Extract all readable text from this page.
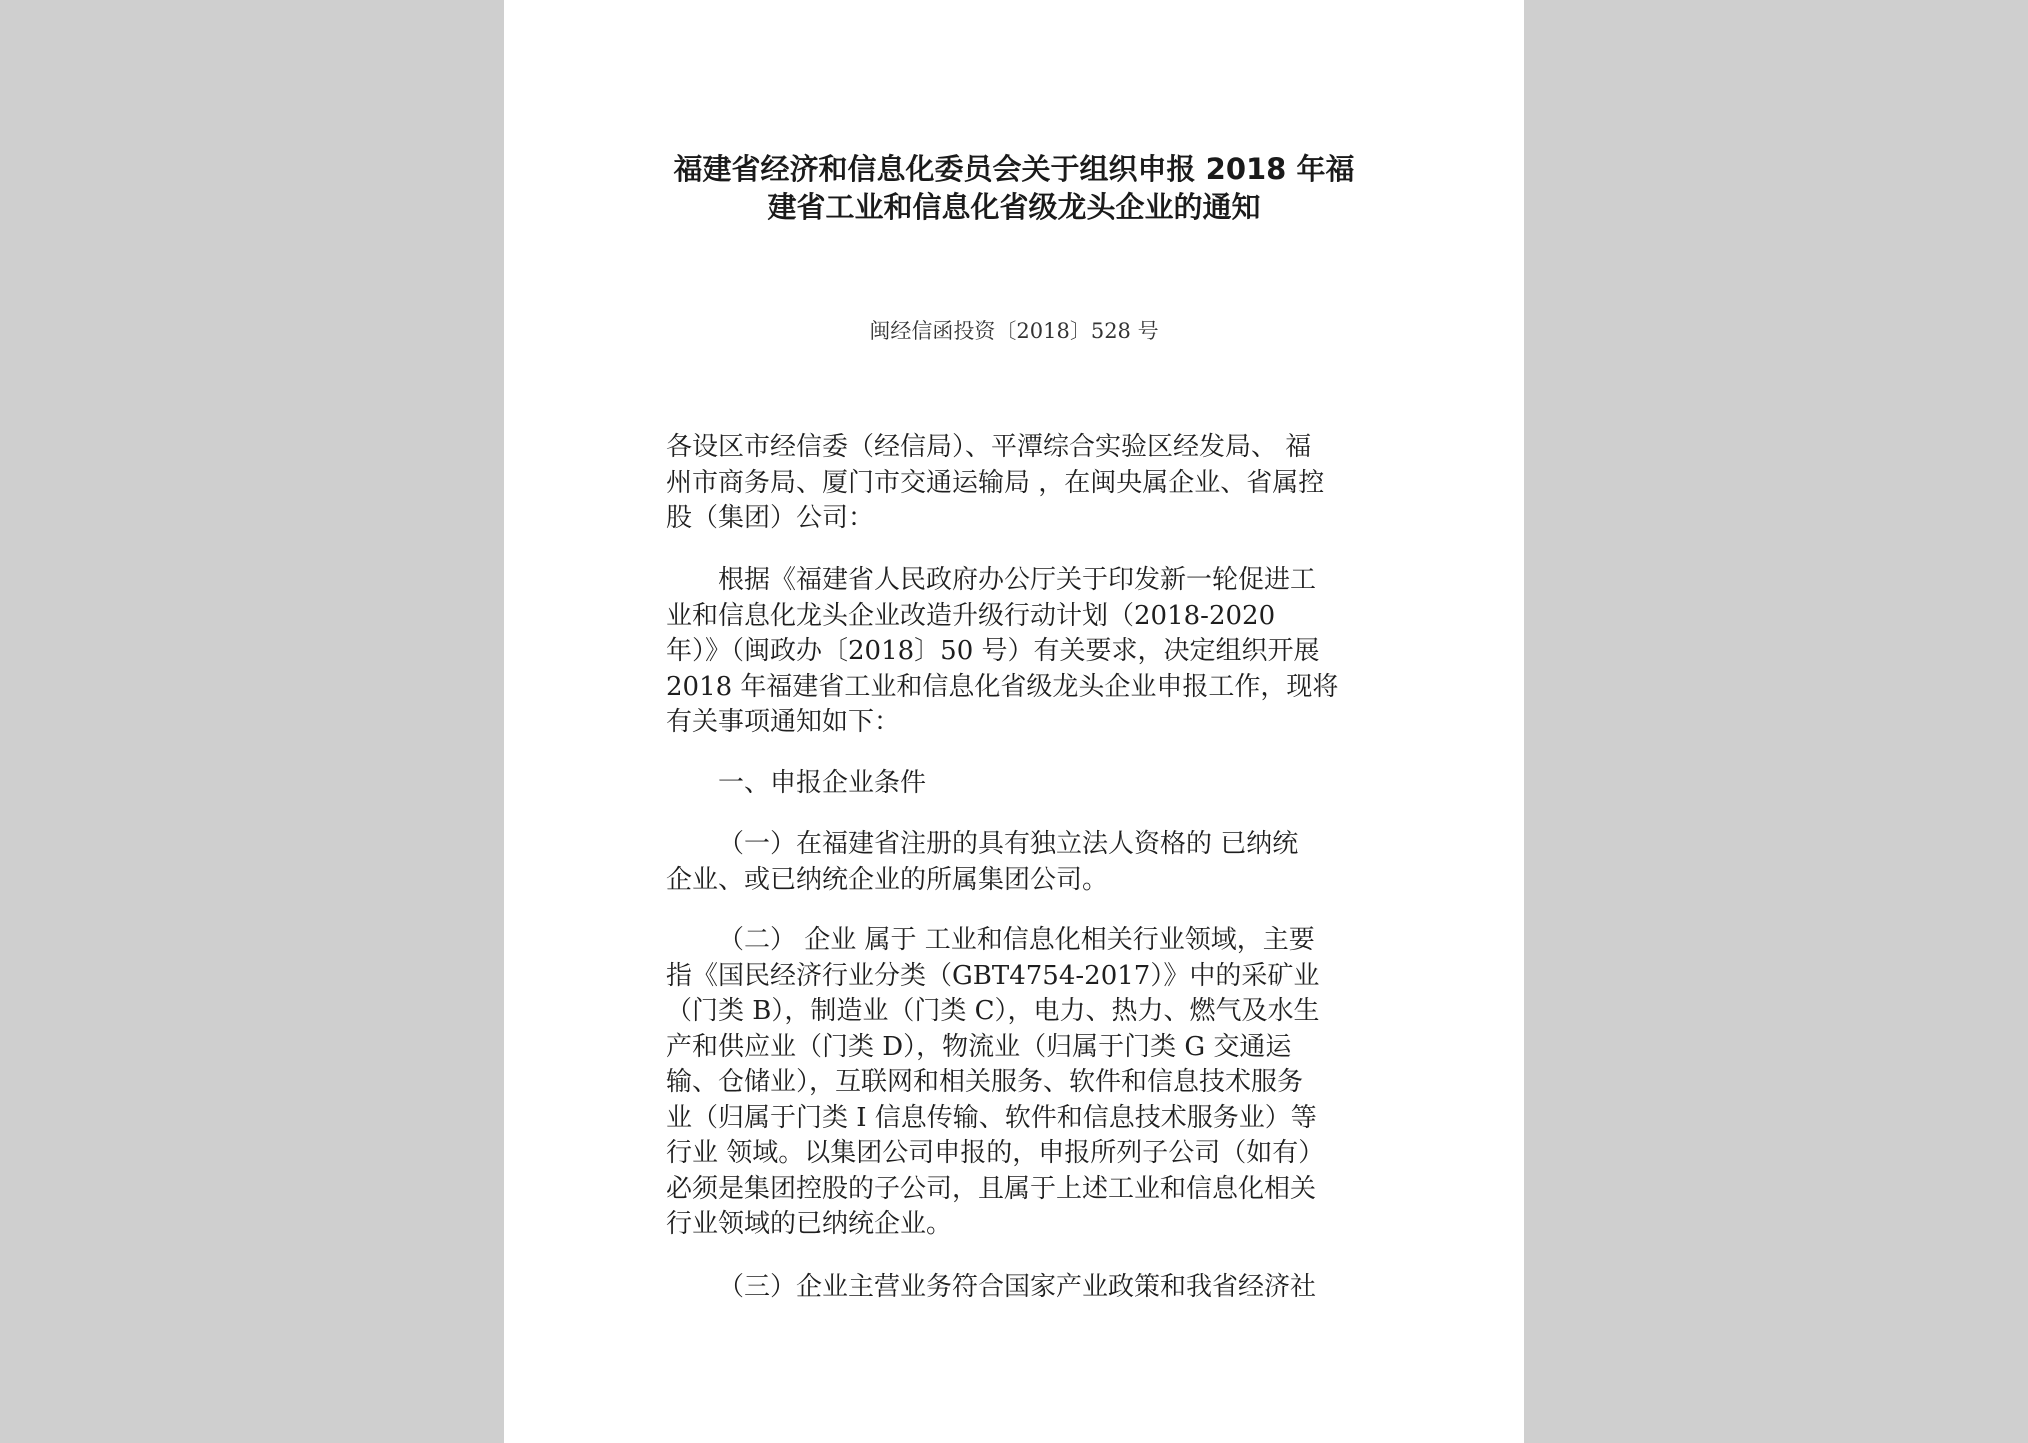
福建省经济和信息化委员会关于组织申报 2018 年福
建省工业和信息化省级龙头企业的通知
闽经信函投资〔2018〕528 号
各设区市经信委（经信局）、平潭综合实验区经发局、 福
州市商务局、厦门市交通运输局 ，在闽央属企业、省属控
股（集团）公司：
根据《福建省人民政府办公厅关于印发新一轮促进工
业和信息化龙头企业改造升级行动计划（2018-2020
年）》（闽政办〔2018〕50 号）有关要求，决定组织开展
2018 年福建省工业和信息化省级龙头企业申报工作，现将
有关事项通知如下：
一、申报企业条件
（一）在福建省注册的具有独立法人资格的 已纳统
企业、或已纳统企业的所属集团公司。
（二） 企业 属于 工业和信息化相关行业领域，主要
指《国民经济行业分类（GBT4754-2017）》中的采矿业
（门类 B），制造业（门类 C），电力、热力、燃气及水生
产和供应业（门类 D），物流业（归属于门类 G 交通运
输、仓储业），互联网和相关服务、软件和信息技术服务
业（归属于门类 I 信息传输、软件和信息技术服务业）等
行业 领域。以集团公司申报的，申报所列子公司（如有）
必须是集团控股的子公司，且属于上述工业和信息化相关
行业领域的已纳统企业。
（三）企业主营业务符合国家产业政策和我省经济社
